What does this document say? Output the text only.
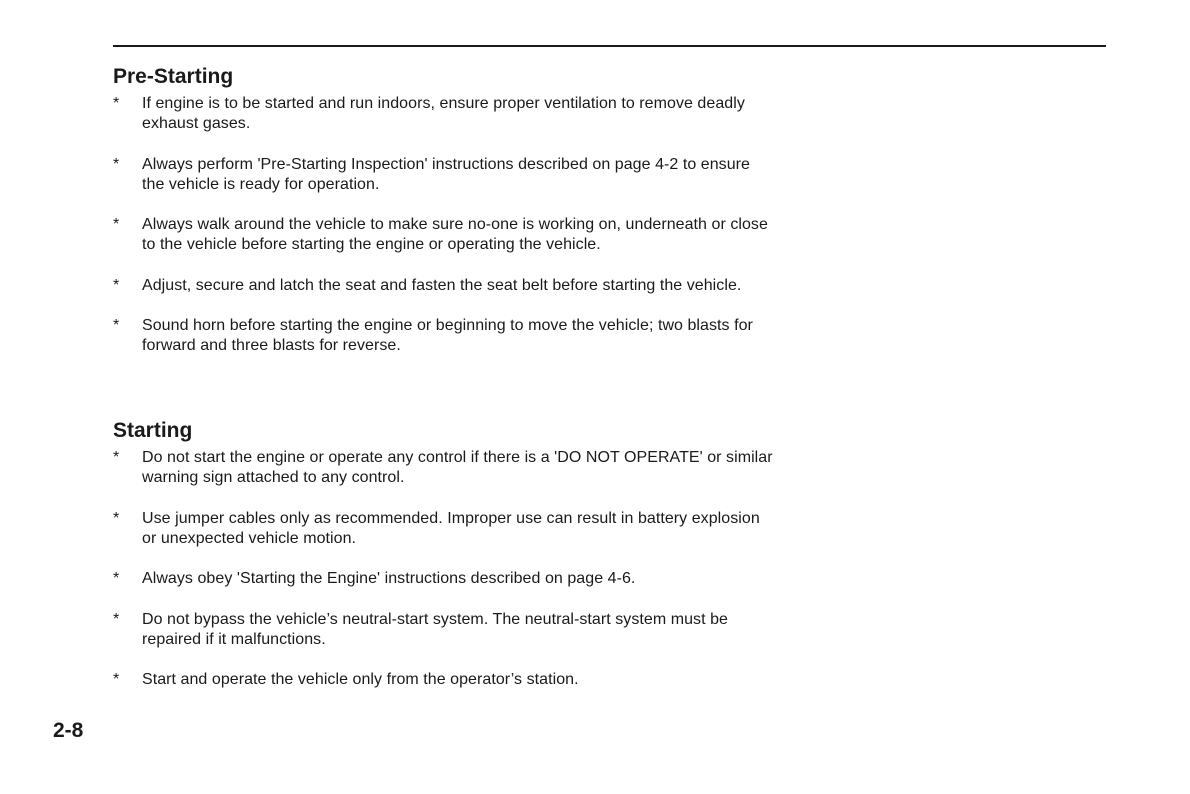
Pre-Starting
*	If engine is to be started and run indoors, ensure proper ventilation to remove deadly exhaust gases.
*	Always perform 'Pre-Starting Inspection' instructions described on page 4-2 to ensure the vehicle is ready for operation.
*	Always walk around the vehicle to make sure no-one is working on, underneath or close to the vehicle before starting the engine or operating the vehicle.
*	Adjust, secure and latch the seat and fasten the seat belt before starting the vehicle.
*	Sound horn before starting the engine or beginning to move the vehicle; two blasts for forward and three blasts for reverse.
Starting
*	Do not start the engine or operate any control if there is a 'DO NOT OPERATE' or similar warning sign attached to any control.
*	Use jumper cables only as recommended. Improper use can result in battery explosion or unexpected vehicle motion.
*	Always obey 'Starting the Engine' instructions described on page 4-6.
*	Do not bypass the vehicle’s neutral-start system. The neutral-start system must be repaired if it malfunctions.
*	Start and operate the vehicle only from the operator’s station.
2-8
